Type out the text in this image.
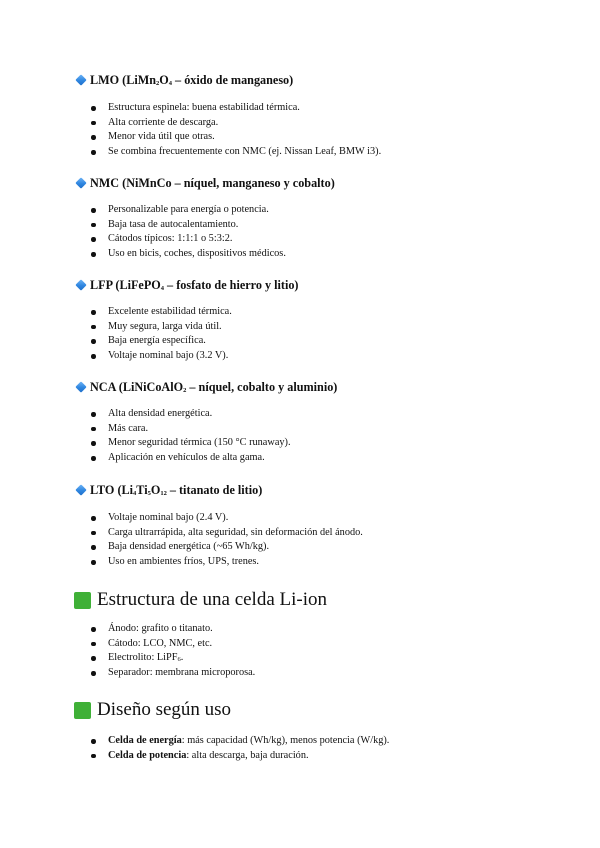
LMO ($LiMn_2O_4$ – óxido de manganeso)
Estructura espinela: buena estabilidad térmica.
Alta corriente de descarga.
Menor vida útil que otras.
Se combina frecuentemente con NMC (ej. Nissan Leaf, BMW i3).
NMC (NiMnCo – níquel, manganeso y cobalto)
Personalizable para energía o potencia.
Baja tasa de autocalentamiento.
Cátodos típicos: 1:1:1 o 5:3:2.
Uso en bicis, coches, dispositivos médicos.
LFP (LiFePO$_4$ – fosfato de hierro y litio)
Excelente estabilidad térmica.
Muy segura, larga vida útil.
Baja energía específica.
Voltaje nominal bajo (3.2 V).
NCA (LiNiCoAlO$_2$ – níquel, cobalto y aluminio)
Alta densidad energética.
Más cara.
Menor seguridad térmica (150 °C runaway).
Aplicación en vehículos de alta gama.
LTO ($Li_4Ti_5O_{12}$ – titanato de litio)
Voltaje nominal bajo (2.4 V).
Carga ultrarrápida, alta seguridad, sin deformación del ánodo.
Baja densidad energética (~65 Wh/kg).
Uso en ambientes fríos, UPS, trenes.
Estructura de una celda Li-ion
Ánodo: grafito o titanato.
Cátodo: LCO, NMC, etc.
Electrolito: LiPF$_6$.
Separador: membrana microporosa.
Diseño según uso
Celda de energía: más capacidad (Wh/kg), menos potencia (W/kg).
Celda de potencia: alta descarga, baja duración.
